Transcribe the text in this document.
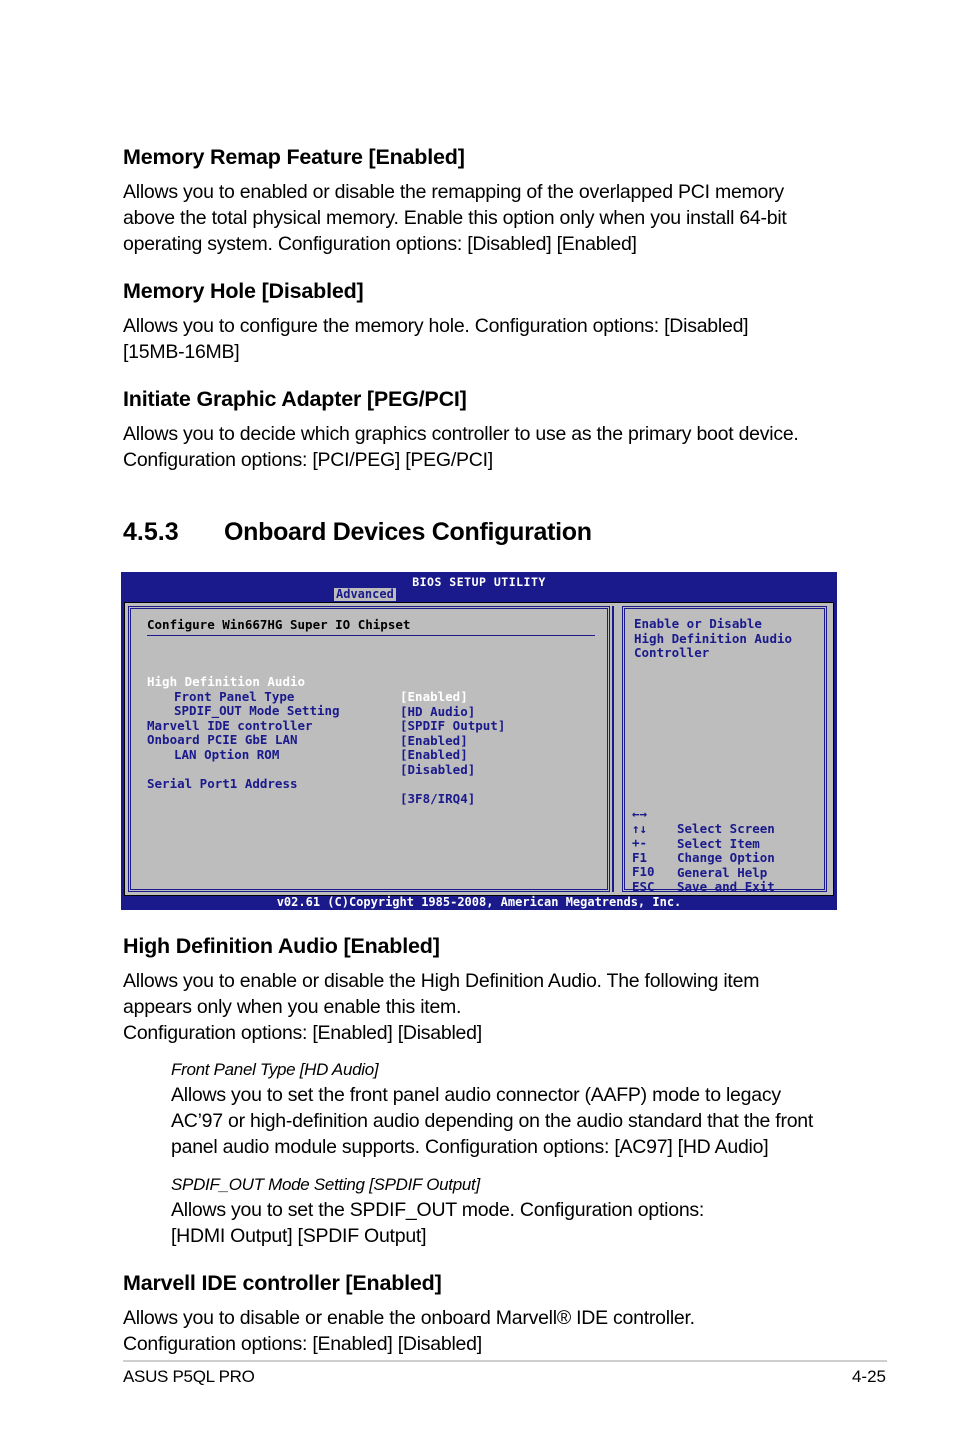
Memory Remap Feature [Enabled]

Allows you to enabled or disable the remapping of the overlapped PCI memory
above the total physical memory. Enable this option only when you install 64-bit
operating system. Configuration options: [Disabled] [Enabled]

Memory Hole [Disabled]

Allows you to configure the memory hole. Configuration options: [Disabled]
[15MB-16MB]

Initiate Graphic Adapter [PEG/PCI]

Allows you to decide which graphics controller to use as the primary boot device.
Configuration options: [PCI/PEG] [PEG/PCI]

4.5.3 Onboard Devices Configuration
BIOS SETUP UTILITY
Advanced
Configure Win667HG Super IO Chipset

High Definition Audio

[Enabled]

Front Panel Type

[HD Audio]

SPDIF_OUT Mode Setting

[SPDIF Output]

Marvell IDE controller

[Enabled]

Onboard PCIE GbE LAN

[Enabled]

LAN Option ROM

[Disabled]

Serial Port1 Address

[3F8/IRQ4]

Enable or Disable
High Definition Audio
Controller

←→

Select Screen

↑↓

Select Item

+-

Change Option

F1

General Help

F10

Save and Exit

ESC

Exit

v02.61 (C)Copyright 1985-2008, American Megatrends, Inc.
High Definition Audio [Enabled]

Allows you to enable or disable the High Definition Audio. The following item
appears only when you enable this item.
Configuration options: [Enabled] [Disabled]

Front Panel Type [HD Audio]

Allows you to set the front panel audio connector (AAFP) mode to legacy
AC’97 or high-definition audio depending on the audio standard that the front
panel audio module supports. Configuration options: [AC97] [HD Audio]

SPDIF_OUT Mode Setting [SPDIF Output]

Allows you to set the SPDIF_OUT mode. Configuration options:
[HDMI Output] [SPDIF Output]

Marvell IDE controller [Enabled]

Allows you to disable or enable the onboard Marvell® IDE controller.
Configuration options: [Enabled] [Disabled]

ASUS P5QL PRO	4-25
